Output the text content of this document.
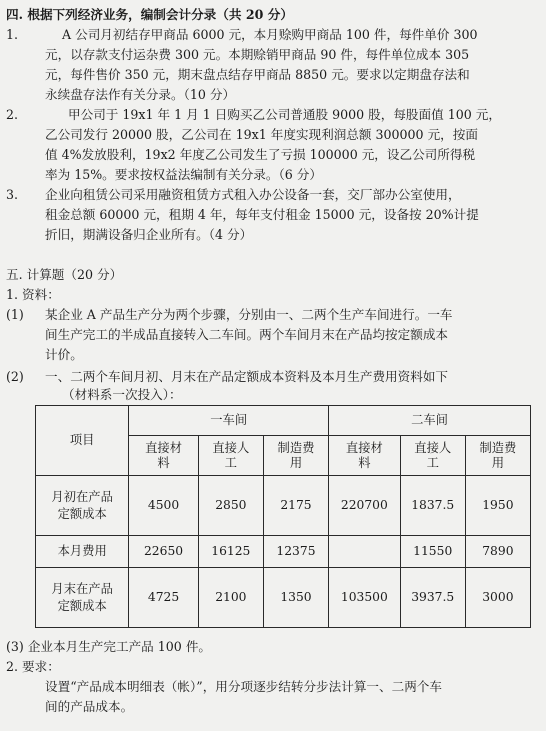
四. 根据下列经济业务，编制会计分录（共 20 分）
1.	A 公司月初结存甲商品 6000 元，本月赊购甲商品 100 件，每件单价 300
元，以存款支付运杂费 300 元。本期赊销甲商品 90 件，每件单位成本 305
元，每件售价 350 元，期末盘点结存甲商品 8850 元。要求以定期盘存法和
永续盘存法作有关分录。（10 分）
2.	甲公司于 19x1 年 1 月 1 日购买乙公司普通股 9000 股，每股面值 100 元，
乙公司发行 20000 股，乙公司在 19x1 年度实现利润总额 300000 元，按面
值 4%发放股利，19x2 年度乙公司发生了亏损 100000 元，设乙公司所得税
率为 15%。要求按权益法编制有关分录。（6 分）
3. 企业向租赁公司采用融资租赁方式租入办公设备一套，交厂部办公室使用，
租金总额 60000 元，租期 4 年，每年支付租金 15000 元，设备按 20%计提
折旧，期满设备归企业所有。（4 分）
五. 计算题（20 分）
1. 资料：
(1) 某企业 A 产品生产分为两个步骤，分别由一、二两个生产车间进行。一车
间生产完工的半成品直接转入二车间。两个车间月末在产品均按定额成本
计价。
(2) 一、二两个车间月初、月末在产品定额成本资料及本月生产费用资料如下
（材料系一次投入）：
项目	一车间			二车间		
	直接材料	直接人工	制造费用	直接材料	直接人工	制造费用
月初在产品定额成本	4500	2850	2175	220700	1837.5	1950
本月费用	22650	16125	12375		11550	7890
月末在产品定额成本	4725	2100	1350	103500	3937.5	3000
(3) 企业本月生产完工产品 100 件。
2. 要求：
设置“产品成本明细表（帐）”，用分项逐步结转分步法计算一、二两个车
间的产品成本。
